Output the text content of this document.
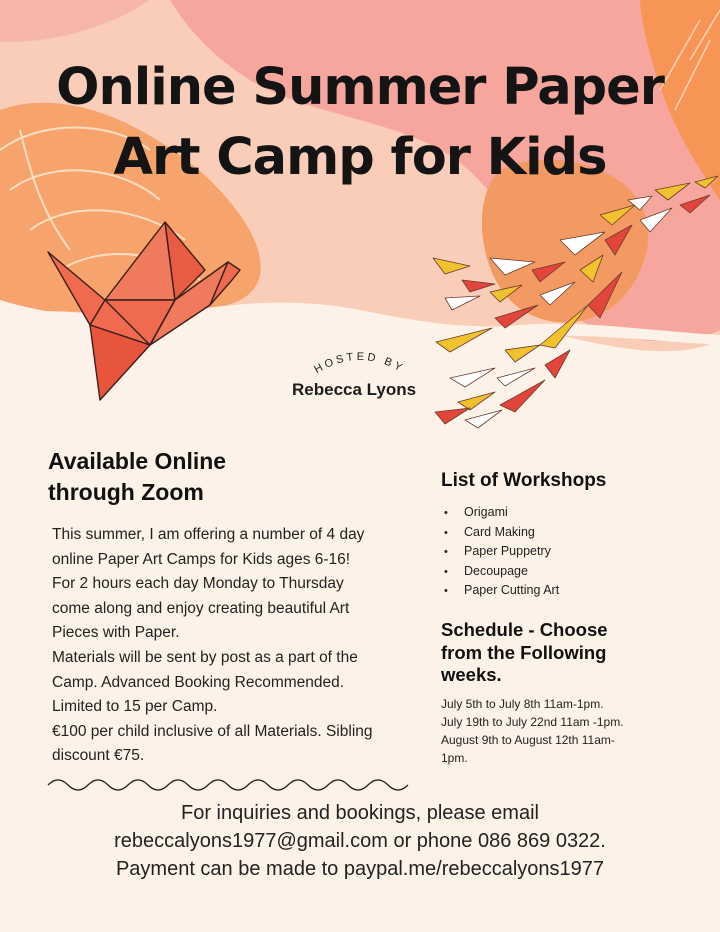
Online Summer Paper
Art Camp for Kids
HOSTED BY
Rebecca Lyons
Available Online
through Zoom
This summer, I am offering a number of 4 day
online Paper Art Camps for Kids ages 6-16!
For 2 hours each day Monday to Thursday
come along and enjoy creating beautiful Art
Pieces with Paper.
Materials will be sent by post as a part of the
Camp. Advanced Booking Recommended.
Limited to 15 per Camp.
€100 per child inclusive of all Materials. Sibling
discount €75.
List of Workshops
• Origami
• Card Making
• Paper Puppetry
• Decoupage
• Paper Cutting Art
Schedule - Choose
from the Following
weeks.
July 5th to July 8th 11am-1pm.
July 19th to July 22nd 11am -1pm.
August 9th to August 12th 11am-
1pm.
For inquiries and bookings, please email
rebeccalyons1977@gmail.com or phone 086 869 0322.
Payment can be made to paypal.me/rebeccalyons1977
